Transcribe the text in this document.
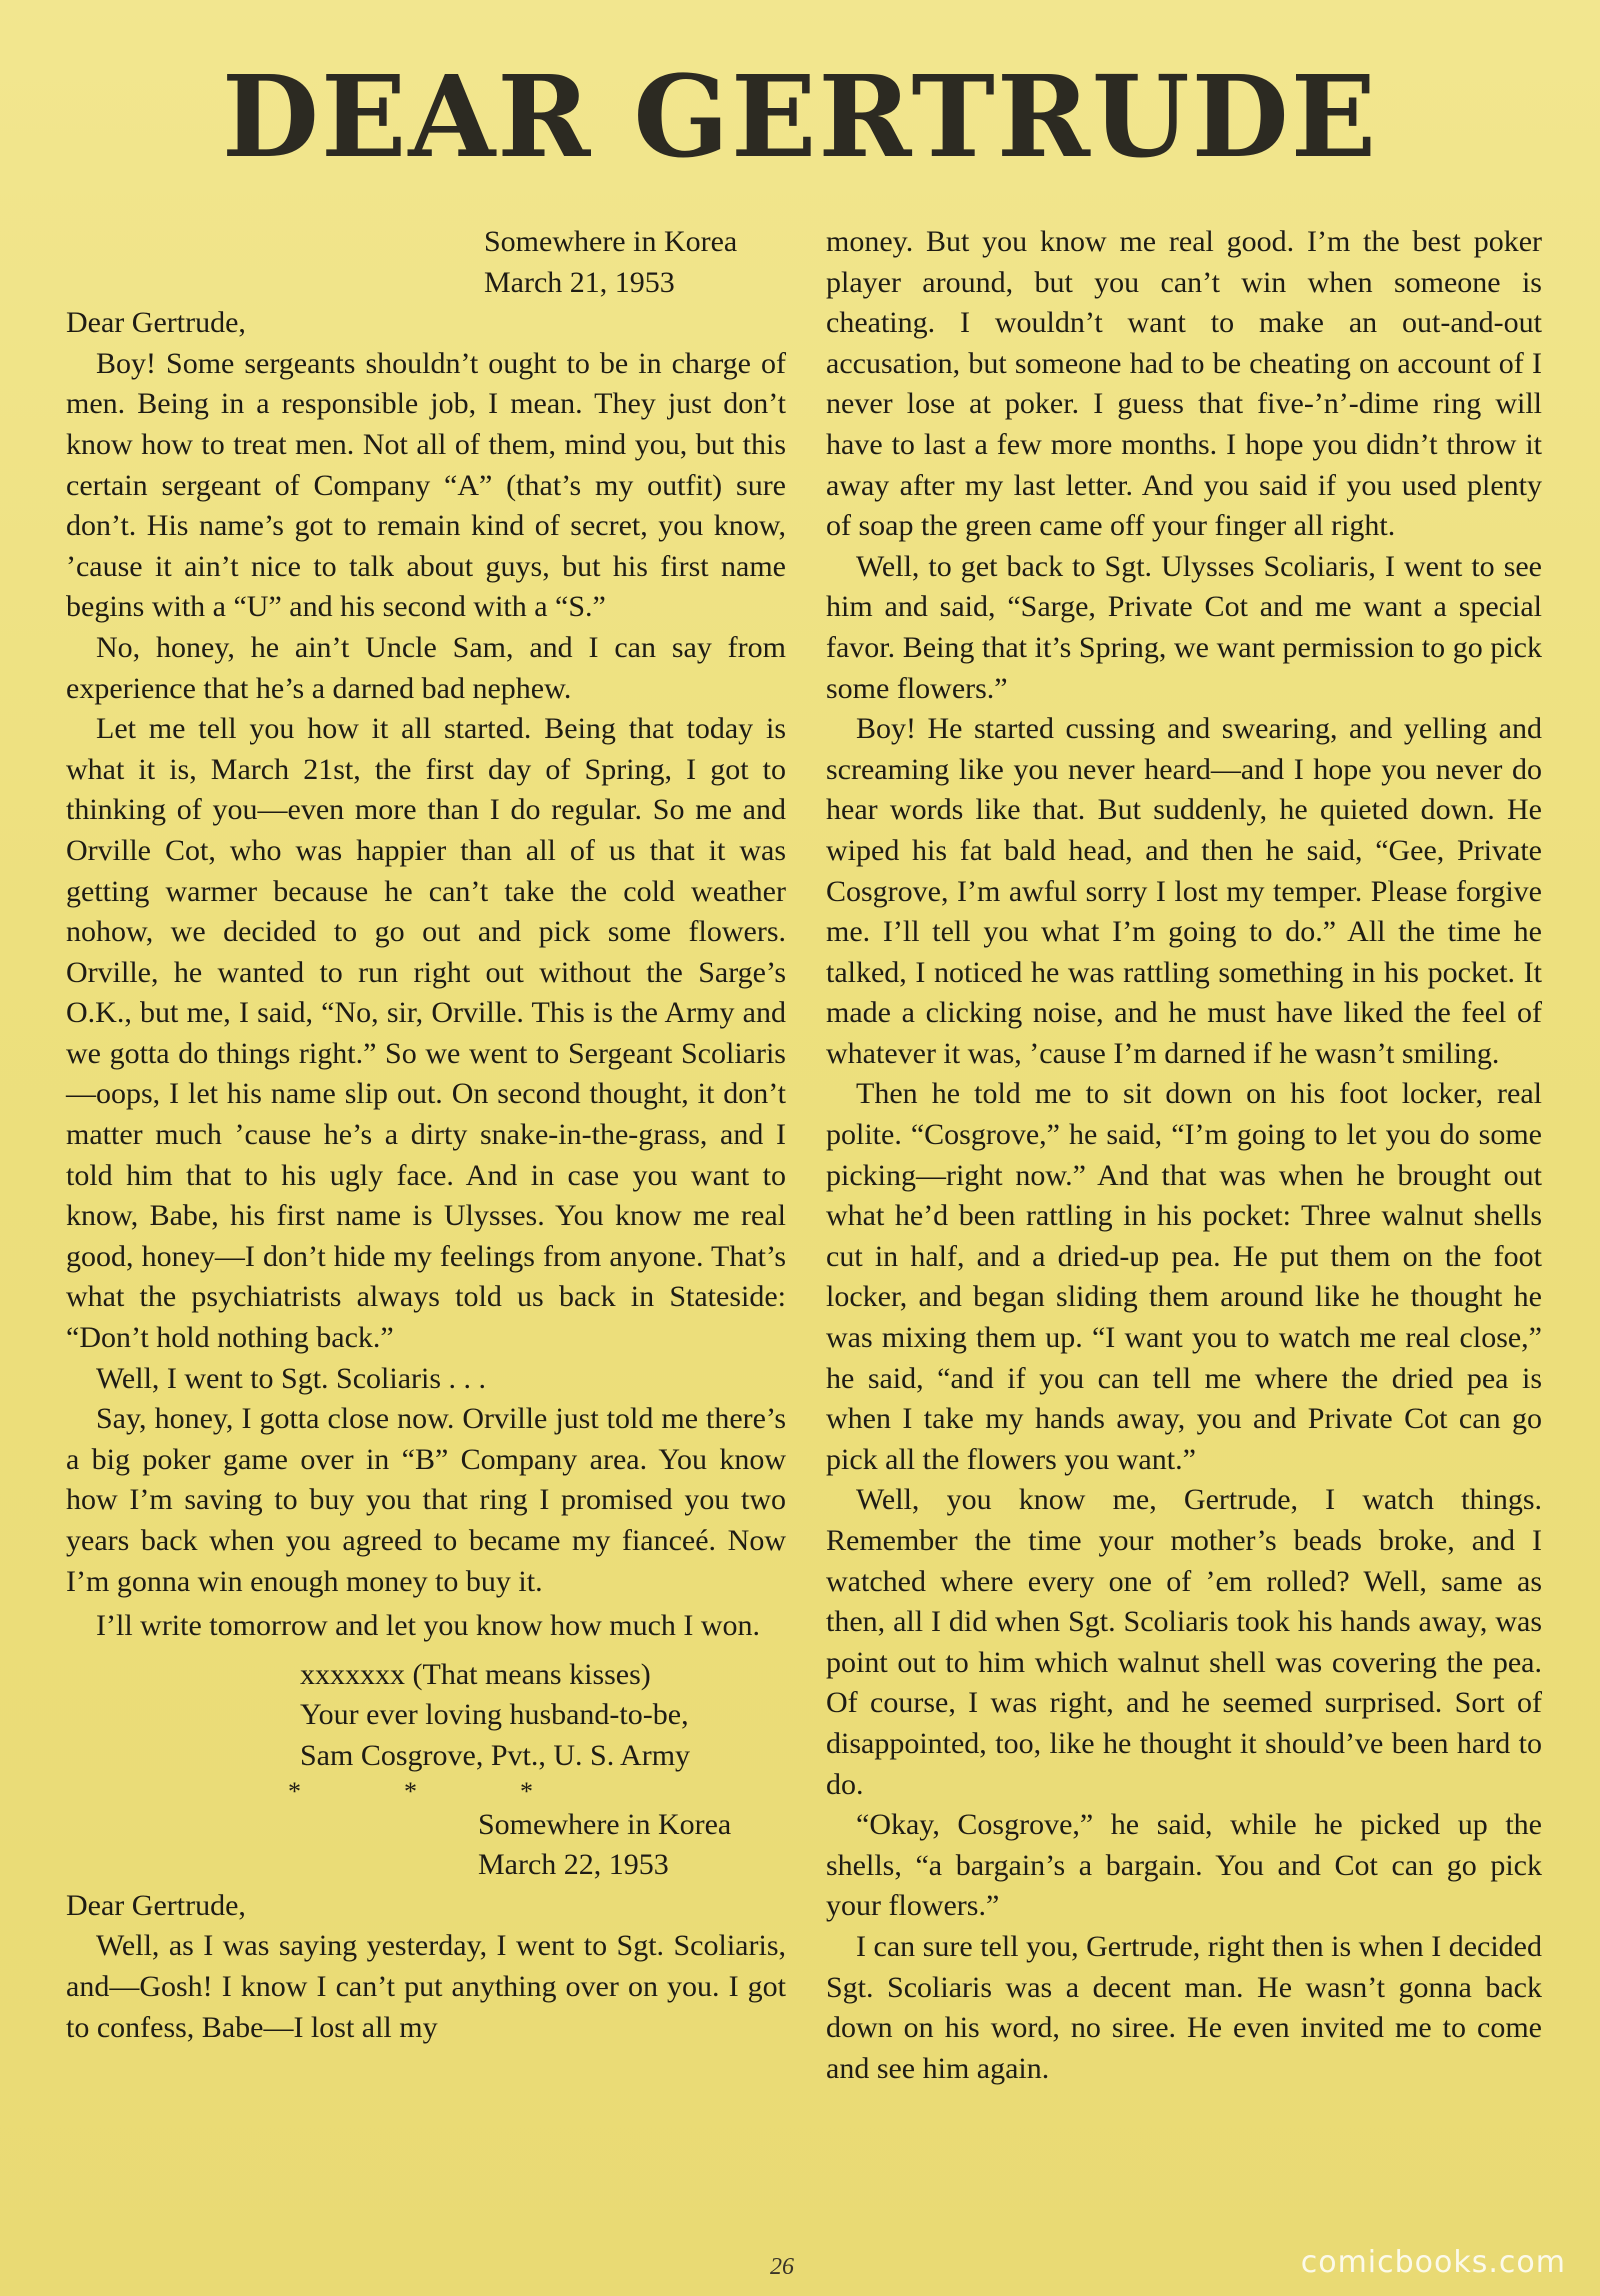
DEAR GERTRUDE
Somewhere in Korea
March 21, 1953

Dear Gertrude,

Boy! Some sergeants shouldn’t ought to be in charge of men. Being in a responsible job, I mean. They just don’t know how to treat men. Not all of them, mind you, but this certain sergeant of Company “A” (that’s my outfit) sure don’t. His name’s got to remain kind of secret, you know, ’cause it ain’t nice to talk about guys, but his first name begins with a “U” and his second with a “S.”

No, honey, he ain’t Uncle Sam, and I can say from experience that he’s a darned bad nephew.

Let me tell you how it all started. Being that today is what it is, March 21st, the first day of Spring, I got to thinking of you—even more than I do regular. So me and Orville Cot, who was happier than all of us that it was getting warmer because he can’t take the cold weather nohow, we decided to go out and pick some flowers. Orville, he wanted to run right out without the Sarge’s O.K., but me, I said, “No, sir, Orville. This is the Army and we gotta do things right.” So we went to Sergeant Scoliaris—oops, I let his name slip out. On second thought, it don’t matter much ’cause he’s a dirty snake-in-the-grass, and I told him that to his ugly face. And in case you want to know, Babe, his first name is Ulysses. You know me real good, honey—I don’t hide my feelings from anyone. That’s what the psychiatrists always told us back in Stateside: “Don’t hold nothing back.”

Well, I went to Sgt. Scoliaris . . .

Say, honey, I gotta close now. Orville just told me there’s a big poker game over in “B” Company area. You know how I’m saving to buy you that ring I promised you two years back when you agreed to became my fianceé. Now I’m gonna win enough money to buy it.

I’ll write tomorrow and let you know how much I won.

xxxxxxx (That means kisses)
Your ever loving husband-to-be,
Sam Cosgrove, Pvt., U. S. Army
*	*	*
Somewhere in Korea
March 22, 1953

Dear Gertrude,

Well, as I was saying yesterday, I went to Sgt. Scoliaris, and—Gosh! I know I can’t put anything over on you. I got to confess, Babe—I lost all my

money. But you know me real good. I’m the best poker player around, but you can’t win when someone is cheating. I wouldn’t want to make an out-and-out accusation, but someone had to be cheating on account of I never lose at poker. I guess that five-’n’-dime ring will have to last a few more months. I hope you didn’t throw it away after my last letter. And you said if you used plenty of soap the green came off your finger all right.

Well, to get back to Sgt. Ulysses Scoliaris, I went to see him and said, “Sarge, Private Cot and me want a special favor. Being that it’s Spring, we want permission to go pick some flowers.”

Boy! He started cussing and swearing, and yelling and screaming like you never heard—and I hope you never do hear words like that. But suddenly, he quieted down. He wiped his fat bald head, and then he said, “Gee, Private Cosgrove, I’m awful sorry I lost my temper. Please forgive me. I’ll tell you what I’m going to do.” All the time he talked, I noticed he was rattling something in his pocket. It made a clicking noise, and he must have liked the feel of whatever it was, ’cause I’m darned if he wasn’t smiling.

Then he told me to sit down on his foot locker, real polite. “Cosgrove,” he said, “I’m going to let you do some picking—right now.” And that was when he brought out what he’d been rattling in his pocket: Three walnut shells cut in half, and a dried-up pea. He put them on the foot locker, and began sliding them around like he thought he was mixing them up. “I want you to watch me real close,” he said, “and if you can tell me where the dried pea is when I take my hands away, you and Private Cot can go pick all the flowers you want.”

Well, you know me, Gertrude, I watch things. Remember the time your mother’s beads broke, and I watched where every one of ’em rolled? Well, same as then, all I did when Sgt. Scoliaris took his hands away, was point out to him which walnut shell was covering the pea. Of course, I was right, and he seemed surprised. Sort of disappointed, too, like he thought it should’ve been hard to do.

“Okay, Cosgrove,” he said, while he picked up the shells, “a bargain’s a bargain. You and Cot can go pick your flowers.”

I can sure tell you, Gertrude, right then is when I decided Sgt. Scoliaris was a decent man. He wasn’t gonna back down on his word, no siree. He even invited me to come and see him again.

26	comicbooks.com
